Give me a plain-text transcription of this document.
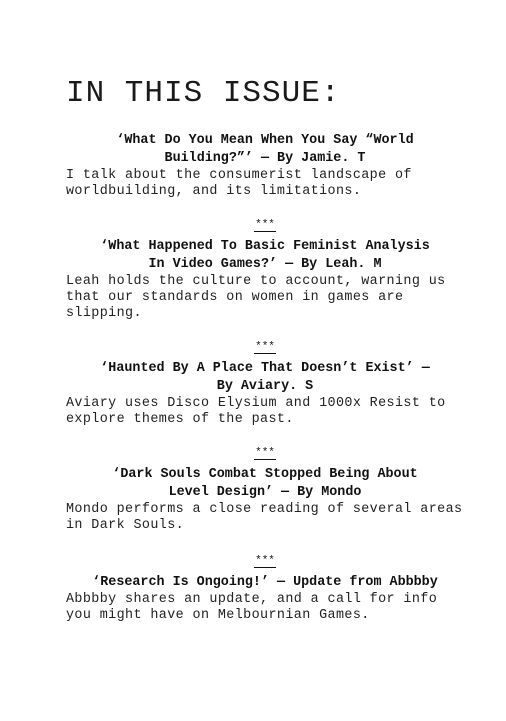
IN THIS ISSUE:

‘What Do You Mean When You Say “World
Building?”’ — By Jamie. T

I talk about the consumerist landscape of worldbuilding, and its limitations.

***

‘What Happened To Basic Feminist Analysis
In Video Games?’ — By Leah. M

Leah holds the culture to account, warning us that our standards on women in games are slipping.

***

‘Haunted By A Place That Doesn’t Exist’ —
By Aviary. S

Aviary uses Disco Elysium and 1000x Resist to explore themes of the past.

***

‘Dark Souls Combat Stopped Being About
Level Design’ — By Mondo

Mondo performs a close reading of several areas in Dark Souls.

***

‘Research Is Ongoing!’ — Update from Abbbby

Abbbby shares an update, and a call for info you might have on Melbournian Games.
